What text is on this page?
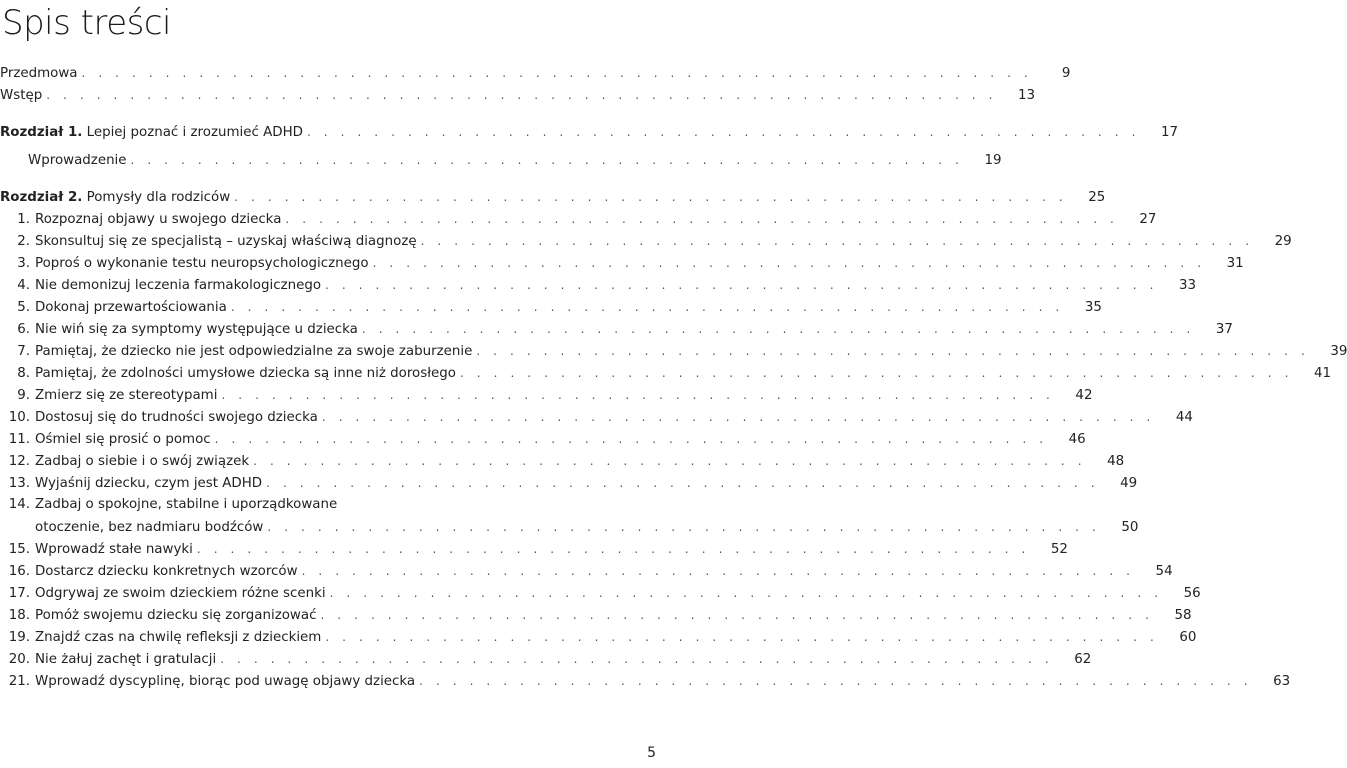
Spis treści
Przedmowa . . . . . . . . . . . . . . . . . . . . . . . . . . . . . . . . . . . . . . . . . . . . . . . . . . . . . . . . .	9
Wstęp . . . . . . . . . . . . . . . . . . . . . . . . . . . . . . . . . . . . . . . . . . . . . . . . . . . . . . . . .	13
Rozdział 1. Lepiej poznać i zrozumieć ADHD . . . . . . . . . . . . . . . . . . . . . . . . . . . . . . . . . . . . . . . . . . . . . . . . . .	17
Wprowadzenie . . . . . . . . . . . . . . . . . . . . . . . . . . . . . . . . . . . . . . . . . . . . . . . . . .	19
Rozdział 2. Pomysły dla rodziców . . . . . . . . . . . . . . . . . . . . . . . . . . . . . . . . . . . . . . . . . . . . . . . . . .	25
1. Rozpoznaj objawy u swojego dziecka . . . . . . . . . . . . . . . . . . . . . . . . . . . . . . . . . . . . . . . . . . . . . . . . . .	27
2. Skonsultuj się ze specjalistą – uzyskaj właściwą diagnozę . . . . . . . . . . . . . . . . . . . . . . . . . . . . . . . . . . . . . . . . . . . . . . . . . .	29
3. Poproś o wykonanie testu neuropsychologicznego . . . . . . . . . . . . . . . . . . . . . . . . . . . . . . . . . . . . . . . . . . . . . . . . . .	31
4. Nie demonizuj leczenia farmakologicznego . . . . . . . . . . . . . . . . . . . . . . . . . . . . . . . . . . . . . . . . . . . . . . . . . .	33
5. Dokonaj przewartościowania . . . . . . . . . . . . . . . . . . . . . . . . . . . . . . . . . . . . . . . . . . . . . . . . . .	35
6. Nie wiń się za symptomy występujące u dziecka . . . . . . . . . . . . . . . . . . . . . . . . . . . . . . . . . . . . . . . . . . . . . . . . . .	37
7. Pamiętaj, że dziecko nie jest odpowiedzialne za swoje zaburzenie . . . . . . . . . . . . . . . . . . . . . . . . . . . . . . . . . . . . . . . . . . . . . . . . . .	39
8. Pamiętaj, że zdolności umysłowe dziecka są inne niż dorosłego . . . . . . . . . . . . . . . . . . . . . . . . . . . . . . . . . . . . . . . . . . . . . . . . . .	41
9. Zmierz się ze stereotypami . . . . . . . . . . . . . . . . . . . . . . . . . . . . . . . . . . . . . . . . . . . . . . . . . .	42
10. Dostosuj się do trudności swojego dziecka . . . . . . . . . . . . . . . . . . . . . . . . . . . . . . . . . . . . . . . . . . . . . . . . . .	44
11. Ośmiel się prosić o pomoc . . . . . . . . . . . . . . . . . . . . . . . . . . . . . . . . . . . . . . . . . . . . . . . . . .	46
12. Zadbaj o siebie i o swój związek . . . . . . . . . . . . . . . . . . . . . . . . . . . . . . . . . . . . . . . . . . . . . . . . . .	48
13. Wyjaśnij dziecku, czym jest ADHD . . . . . . . . . . . . . . . . . . . . . . . . . . . . . . . . . . . . . . . . . . . . . . . . . .	49
14. Zadbaj o spokojne, stabilne i uporządkowane
otoczenie, bez nadmiaru bodźców . . . . . . . . . . . . . . . . . . . . . . . . . . . . . . . . . . . . . . . . . . . . . . . . . .	50
15. Wprowadź stałe nawyki . . . . . . . . . . . . . . . . . . . . . . . . . . . . . . . . . . . . . . . . . . . . . . . . . .	52
16. Dostarcz dziecku konkretnych wzorców . . . . . . . . . . . . . . . . . . . . . . . . . . . . . . . . . . . . . . . . . . . . . . . . . .	54
17. Odgrywaj ze swoim dzieckiem różne scenki . . . . . . . . . . . . . . . . . . . . . . . . . . . . . . . . . . . . . . . . . . . . . . . . . .	56
18. Pomóż swojemu dziecku się zorganizować . . . . . . . . . . . . . . . . . . . . . . . . . . . . . . . . . . . . . . . . . . . . . . . . . .	58
19. Znajdź czas na chwilę refleksji z dzieckiem . . . . . . . . . . . . . . . . . . . . . . . . . . . . . . . . . . . . . . . . . . . . . . . . . .	60
20. Nie żałuj zachęt i gratulacji . . . . . . . . . . . . . . . . . . . . . . . . . . . . . . . . . . . . . . . . . . . . . . . . . .	62
21. Wprowadź dyscyplinę, biorąc pod uwagę objawy dziecka . . . . . . . . . . . . . . . . . . . . . . . . . . . . . . . . . . . . . . . . . . . . . . . . . .	63
5
